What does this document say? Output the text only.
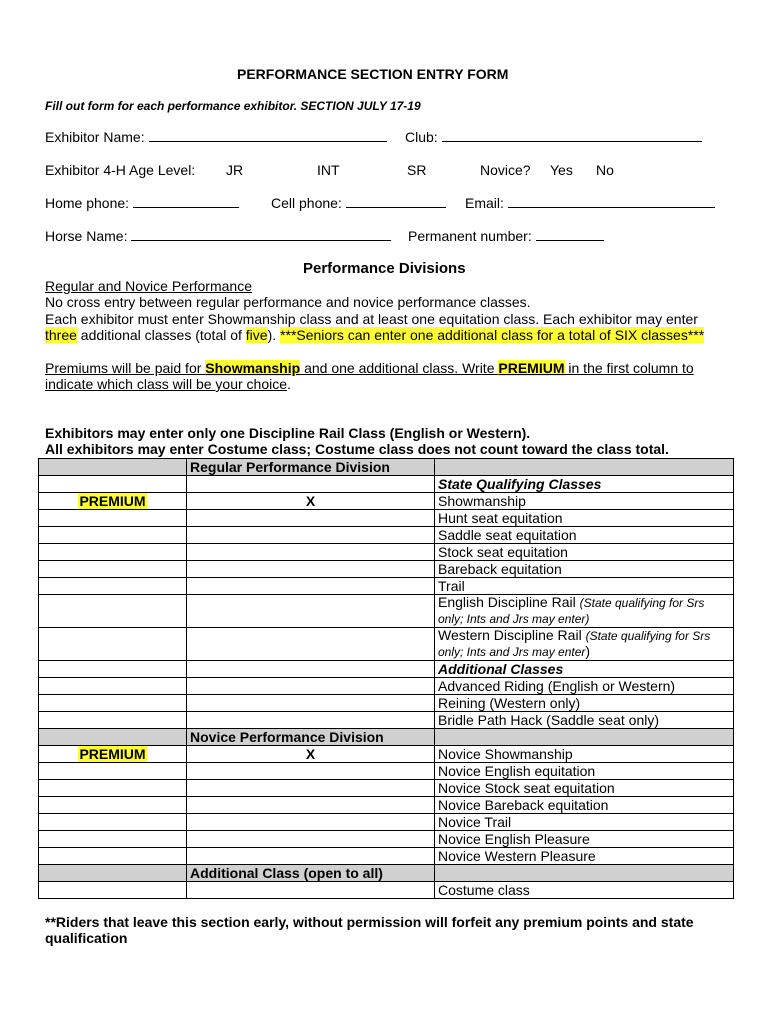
PERFORMANCE SECTION ENTRY FORM
Fill out form for each performance exhibitor. SECTION JULY 17-19
Exhibitor Name:	Club:
Exhibitor 4-H Age Level: JR	INT	SR	Novice? Yes No
Home phone:	Cell phone:	Email:
Horse Name:	Permanent number:
Performance Divisions
Regular and Novice Performance
No cross entry between regular performance and novice performance classes.
Each exhibitor must enter Showmanship class and at least one equitation class. Each exhibitor may enter
three additional classes (total of five). ***Seniors can enter one additional class for a total of SIX classes***
Premiums will be paid for Showmanship and one additional class. Write PREMIUM in the first column to
indicate which class will be your choice.
Exhibitors may enter only one Discipline Rail Class (English or Western).
All exhibitors may enter Costume class; Costume class does not count toward the class total.
	Regular Performance Division	
		State Qualifying Classes
PREMIUM	X	Showmanship
		Hunt seat equitation
		Saddle seat equitation
		Stock seat equitation
		Bareback equitation
		Trail
		English Discipline Rail (State qualifying for Srs only; Ints and Jrs may enter)
		Western Discipline Rail (State qualifying for Srs only; Ints and Jrs may enter)
		Additional Classes
		Advanced Riding (English or Western)
		Reining (Western only)
		Bridle Path Hack (Saddle seat only)
	Novice Performance Division	
PREMIUM	X	Novice Showmanship
		Novice English equitation
		Novice Stock seat equitation
		Novice Bareback equitation
		Novice Trail
		Novice English Pleasure
		Novice Western Pleasure
	Additional Class (open to all)	
		Costume class
**Riders that leave this section early, without permission will forfeit any premium points and state
qualification
